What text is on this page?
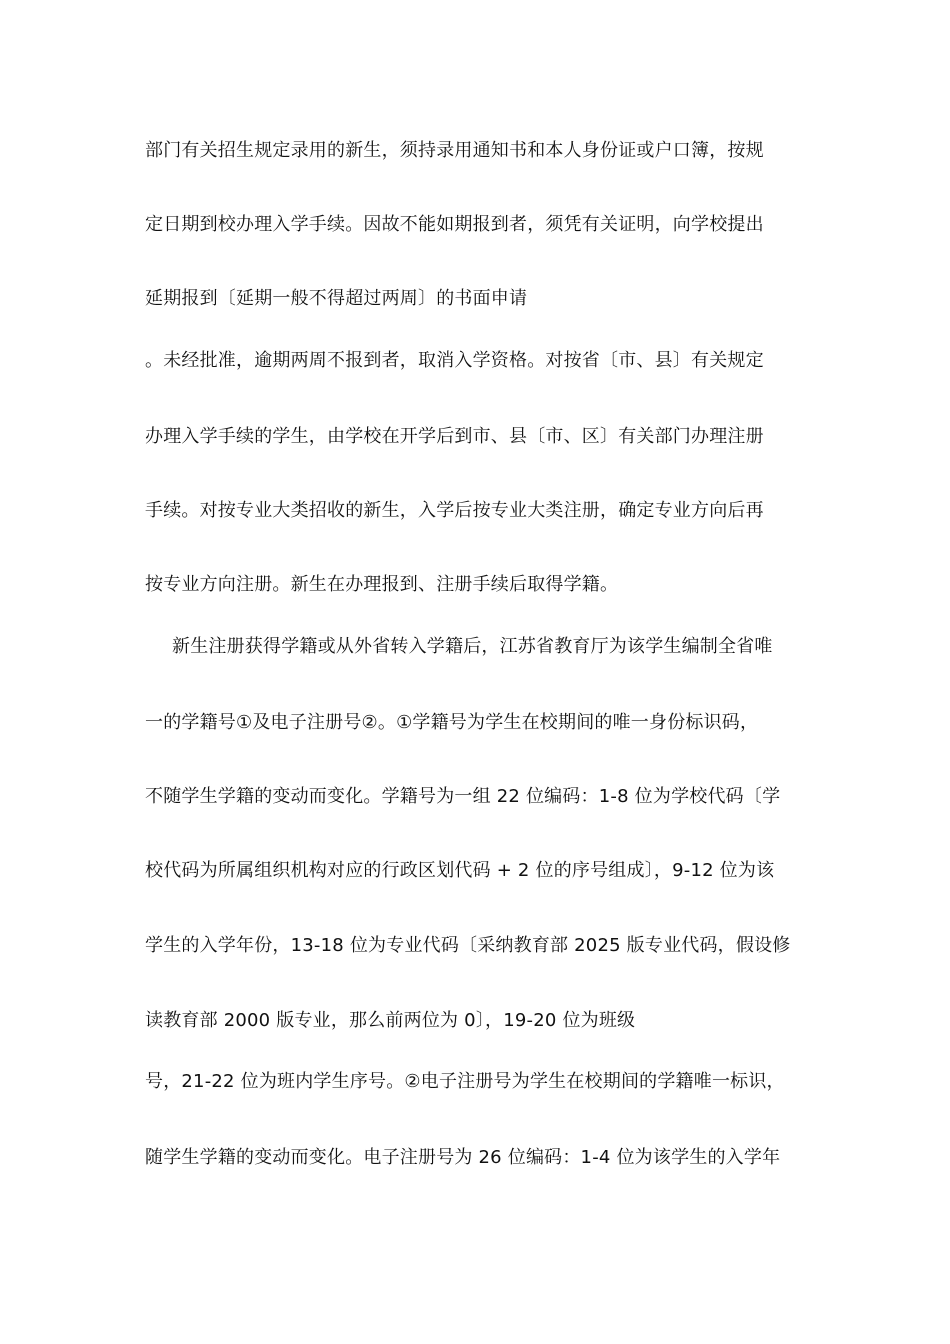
部门有关招生规定录用的新生，须持录用通知书和本人身份证或户口簿，按规
定日期到校办理入学手续。因故不能如期报到者，须凭有关证明，向学校提出
延期报到〔延期一般不得超过两周〕的书面申请
。未经批准，逾期两周不报到者，取消入学资格。对按省〔市、县〕有关规定
办理入学手续的学生，由学校在开学后到市、县〔市、区〕有关部门办理注册
手续。对按专业大类招收的新生，入学后按专业大类注册，确定专业方向后再
按专业方向注册。新生在办理报到、注册手续后取得学籍。
新生注册获得学籍或从外省转入学籍后，江苏省教育厅为该学生编制全省唯
一的学籍号①及电子注册号②。①学籍号为学生在校期间的唯一身份标识码，
不随学生学籍的变动而变化。学籍号为一组 22 位编码：1-8 位为学校代码〔学
校代码为所属组织机构对应的行政区划代码 + 2 位的序号组成〕，9-12 位为该
学生的入学年份，13-18 位为专业代码〔采纳教育部 2025 版专业代码，假设修
读教育部 2000 版专业，那么前两位为 0〕，19-20 位为班级
号，21-22 位为班内学生序号。②电子注册号为学生在校期间的学籍唯一标识，
随学生学籍的变动而变化。电子注册号为 26 位编码：1-4 位为该学生的入学年
